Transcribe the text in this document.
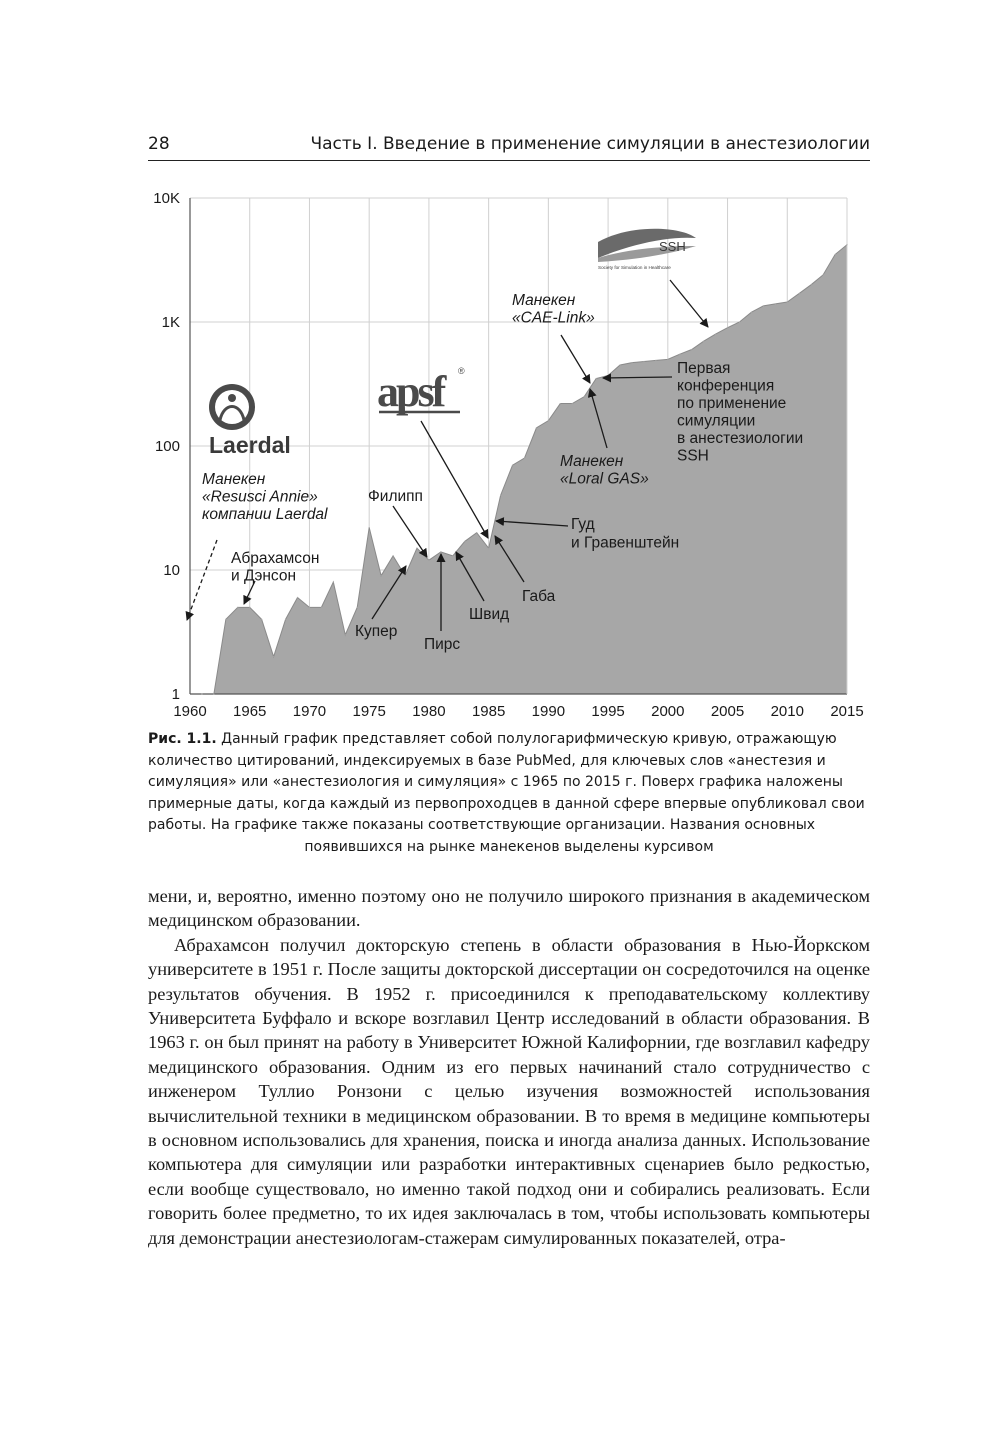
28	Часть I. Введение в применение симуляции в анестезиологии
1
10
100
1K
10K
1960 1965 1970 1975 1980 1985 1990 1995 2000 2005 2010 2015
Манекен
«Resusci Annie»
компании Laerdal
Абрахамсон
и Дэнсон
Филипп
Купер
Пирс
Швид
Габа
Гуд
и Гравенштейн
Манекен
«Loral GAS»
Манекен
«CAE-Link»
Первая
конференция
по применение
симуляции
в анестезиологии
SSH
Laerdal
apsf	®
SSH
Society for Simulation in Healthcare
Рис. 1.1. Данный график представляет собой полулогарифмическую кривую, отражающую количество цитирований, индексируемых в базе PubMed, для ключевых слов «анестезия и симуляция» или «анестезиология и симуляция» с 1965 по 2015 г. Поверх графика наложены примерные даты, когда каждый из первопроходцев в данной сфере впервые опубликовал свои работы. На графике также показаны соответствующие организации. Названия основных
появившихся на рынке манекенов выделены курсивом

мени, и, вероятно, именно поэтому оно не получило широкого признания в академическом медицинском образовании.

Абрахамсон получил докторскую степень в области образования в Нью-Йоркском университете в 1951 г. После защиты докторской диссертации он сосредоточился на оценке результатов обучения. В 1952 г. присоединился к преподавательскому коллективу Университета Буффало и вскоре возглавил Центр исследований в области образования. В 1963 г. он был принят на работу в Университет Южной Калифорнии, где возглавил кафедру медицинского образования. Одним из его первых начинаний стало сотрудничество с инженером Туллио Ронзони с целью изучения возможностей использования вычислительной техники в медицинском образовании. В то время в медицине компьютеры в основном использовались для хранения, поиска и иногда анализа данных. Использование компьютера для симуляции или разработки интерактивных сценариев было редкостью, если вообще существовало, но именно такой подход они и собирались реализовать. Если говорить более предметно, то их идея заключалась в том, чтобы использовать компьютеры для демонстрации анестезиологам-стажерам симулированных показателей, отра-
